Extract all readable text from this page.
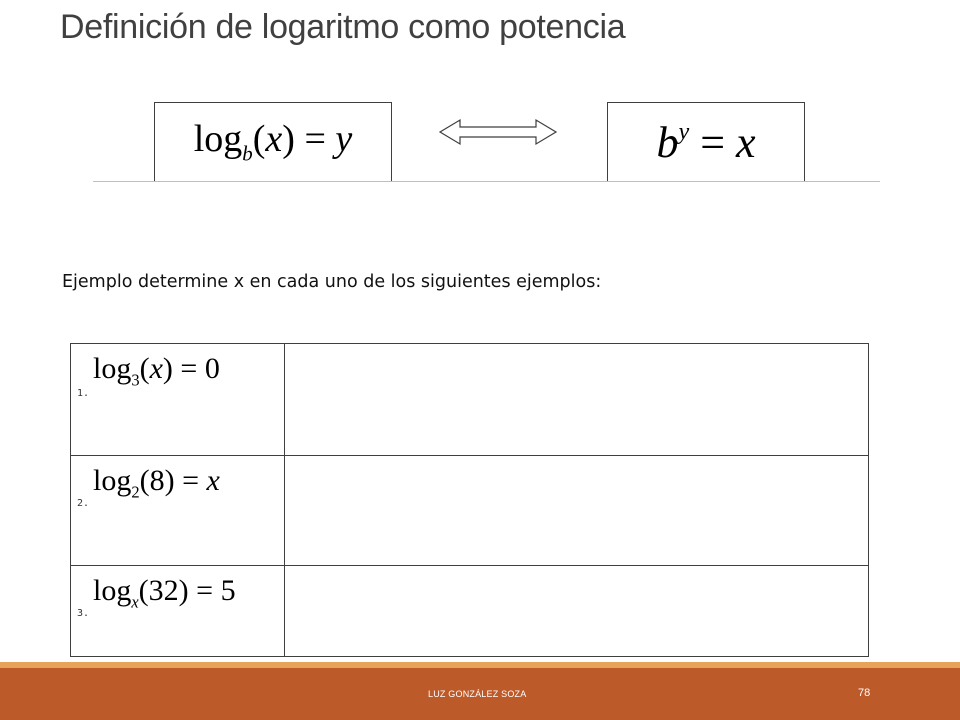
Definición de logaritmo como potencia
$\log_b(x) = y$	$b^y = x$
Ejemplo determine x en cada uno de los siguientes ejemplos:
1.
$\log_3(x) = 0$
2.
$\log_2(8) = x$
3.
$\log_x(32) = 5$
LUZ GONZÁLEZ SOZA	78
